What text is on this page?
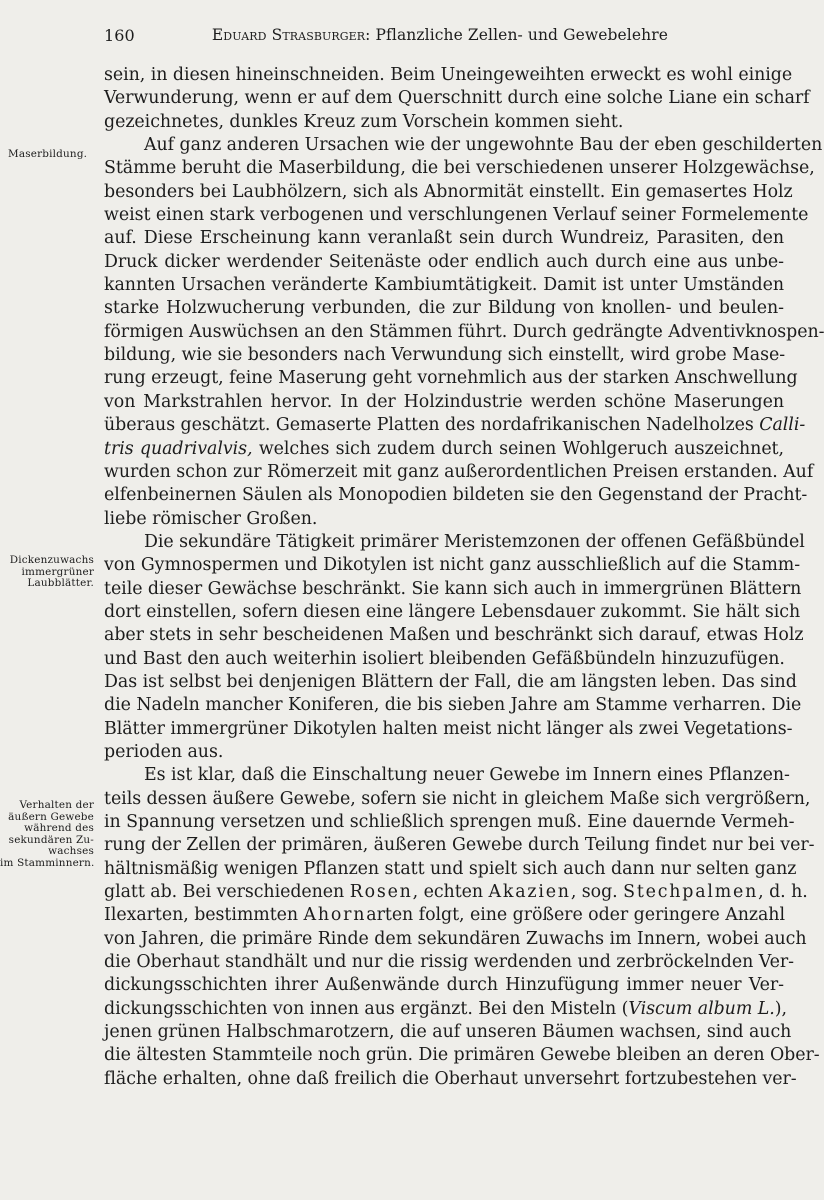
160	Eduard Strasburger: Pflanzliche Zellen- und Gewebelehre
Maserbildung.
Dickenzuwachs
immergrüner
Laubblätter.
Verhalten der
äußern Gewebe
während des
sekundären Zu-
wachses
im Stamminnern.
sein, in diesen hineinschneiden. Beim Uneingeweihten erweckt es wohl einige
Verwunderung, wenn er auf dem Querschnitt durch eine solche Liane ein scharf
gezeichnetes, dunkles Kreuz zum Vorschein kommen sieht.
Auf ganz anderen Ursachen wie der ungewohnte Bau der eben geschilderten
Stämme beruht die Maserbildung, die bei verschiedenen unserer Holzgewächse,
besonders bei Laubhölzern, sich als Abnormität einstellt. Ein gemasertes Holz
weist einen stark verbogenen und verschlungenen Verlauf seiner Formelemente
auf. Diese Erscheinung kann veranlaßt sein durch Wundreiz, Parasiten, den
Druck dicker werdender Seitenäste oder endlich auch durch eine aus unbe-
kannten Ursachen veränderte Kambiumtätigkeit. Damit ist unter Umständen
starke Holzwucherung verbunden, die zur Bildung von knollen- und beulen-
förmigen Auswüchsen an den Stämmen führt. Durch gedrängte Adventivknospen-
bildung, wie sie besonders nach Verwundung sich einstellt, wird grobe Mase-
rung erzeugt, feine Maserung geht vornehmlich aus der starken Anschwellung
von Markstrahlen hervor. In der Holzindustrie werden schöne Maserungen
überaus geschätzt. Gemaserte Platten des nordafrikanischen Nadelholzes Calli-
tris quadrivalvis, welches sich zudem durch seinen Wohlgeruch auszeichnet,
wurden schon zur Römerzeit mit ganz außerordentlichen Preisen erstanden. Auf
elfenbeinernen Säulen als Monopodien bildeten sie den Gegenstand der Pracht-
liebe römischer Großen.
Die sekundäre Tätigkeit primärer Meristemzonen der offenen Gefäßbündel
von Gymnospermen und Dikotylen ist nicht ganz ausschließlich auf die Stamm-
teile dieser Gewächse beschränkt. Sie kann sich auch in immergrünen Blättern
dort einstellen, sofern diesen eine längere Lebensdauer zukommt. Sie hält sich
aber stets in sehr bescheidenen Maßen und beschränkt sich darauf, etwas Holz
und Bast den auch weiterhin isoliert bleibenden Gefäßbündeln hinzuzufügen.
Das ist selbst bei denjenigen Blättern der Fall, die am längsten leben. Das sind
die Nadeln mancher Koniferen, die bis sieben Jahre am Stamme verharren. Die
Blätter immergrüner Dikotylen halten meist nicht länger als zwei Vegetations-
perioden aus.
Es ist klar, daß die Einschaltung neuer Gewebe im Innern eines Pflanzen-
teils dessen äußere Gewebe, sofern sie nicht in gleichem Maße sich vergrößern,
in Spannung versetzen und schließlich sprengen muß. Eine dauernde Vermeh-
rung der Zellen der primären, äußeren Gewebe durch Teilung findet nur bei ver-
hältnismäßig wenigen Pflanzen statt und spielt sich auch dann nur selten ganz
glatt ab. Bei verschiedenen Rosen, echten Akazien, sog. Stechpalmen, d. h.
Ilexarten, bestimmten Ahornarten folgt, eine größere oder geringere Anzahl
von Jahren, die primäre Rinde dem sekundären Zuwachs im Innern, wobei auch
die Oberhaut standhält und nur die rissig werdenden und zerbröckelnden Ver-
dickungsschichten ihrer Außenwände durch Hinzufügung immer neuer Ver-
dickungsschichten von innen aus ergänzt. Bei den Misteln (Viscum album L.),
jenen grünen Halbschmarotzern, die auf unseren Bäumen wachsen, sind auch
die ältesten Stammteile noch grün. Die primären Gewebe bleiben an deren Ober-
fläche erhalten, ohne daß freilich die Oberhaut unversehrt fortzubestehen ver-
